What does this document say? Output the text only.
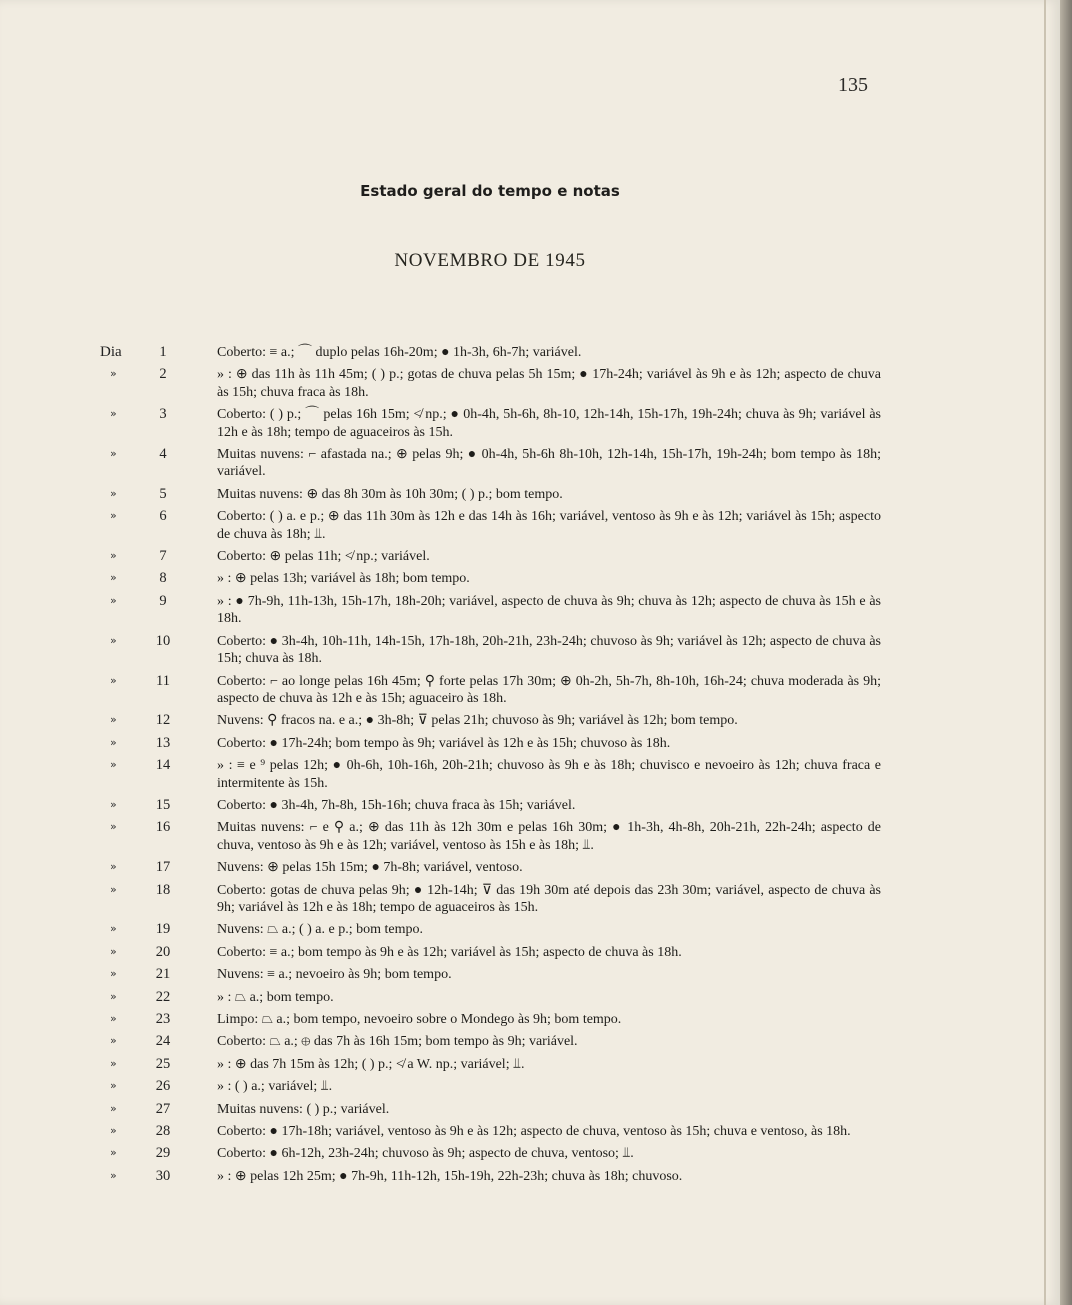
135
Estado geral do tempo e notas
NOVEMBRO DE 1945
Dia	1	Coberto: ≡ a.; ⌒ duplo pelas 16h-20m; ● 1h-3h, 6h-7h; variável.
»	2	» : ⊕ das 11h às 11h 45m; ( ) p.; gotas de chuva pelas 5h 15m; ● 17h-24h; variável às 9h e às 12h; aspecto de chuva às 15h; chuva fraca às 18h.
»	3	Coberto: ( ) p.; ⌒ pelas 16h 15m; ≮ np.; ● 0h-4h, 5h-6h, 8h-10, 12h-14h, 15h-17h, 19h-24h; chuva às 9h; variável às 12h e às 18h; tempo de aguaceiros às 15h.
»	4	Muitas nuvens: ⌐ afastada na.; ⊕ pelas 9h; ● 0h-4h, 5h-6h 8h-10h, 12h-14h, 15h-17h, 19h-24h; bom tempo às 18h; variável.
»	5	Muitas nuvens: ⊕ das 8h 30m às 10h 30m; ( ) p.; bom tempo.
»	6	Coberto: ( ) a. e p.; ⊕ das 11h 30m às 12h e das 14h às 16h; variável, ventoso às 9h e às 12h; variável às 15h; aspecto de chuva às 18h; ⫫.
»	7	Coberto: ⊕ pelas 11h; ≮ np.; variável.
»	8	» : ⊕ pelas 13h; variável às 18h; bom tempo.
»	9	» : ● 7h-9h, 11h-13h, 15h-17h, 18h-20h; variável, aspecto de chuva às 9h; chuva às 12h; aspecto de chuva às 15h e às 18h.
»	10	Coberto: ● 3h-4h, 10h-11h, 14h-15h, 17h-18h, 20h-21h, 23h-24h; chuvoso às 9h; variável às 12h; aspecto de chuva às 15h; chuva às 18h.
»	11	Coberto: ⌐ ao longe pelas 16h 45m; ⚲ forte pelas 17h 30m; ⊕ 0h-2h, 5h-7h, 8h-10h, 16h-24; chuva moderada às 9h; aspecto de chuva às 12h e às 15h; aguaceiro às 18h.
»	12	Nuvens: ⚲ fracos na. e a.; ● 3h-8h; ⊽ pelas 21h; chuvoso às 9h; variável às 12h; bom tempo.
»	13	Coberto: ● 17h-24h; bom tempo às 9h; variável às 12h e às 15h; chuvoso às 18h.
»	14	» : ≡ e ⁹ pelas 12h; ● 0h-6h, 10h-16h, 20h-21h; chuvoso às 9h e às 18h; chuvisco e nevoeiro às 12h; chuva fraca e intermitente às 15h.
»	15	Coberto: ● 3h-4h, 7h-8h, 15h-16h; chuva fraca às 15h; variável.
»	16	Muitas nuvens: ⌐ e ⚲ a.; ⊕ das 11h às 12h 30m e pelas 16h 30m; ● 1h-3h, 4h-8h, 20h-21h, 22h-24h; aspecto de chuva, ventoso às 9h e às 12h; variável, ventoso às 15h e às 18h; ⫫.
»	17	Nuvens: ⊕ pelas 15h 15m; ● 7h-8h; variável, ventoso.
»	18	Coberto: gotas de chuva pelas 9h; ● 12h-14h; ⊽ das 19h 30m até depois das 23h 30m; variável, aspecto de chuva às 9h; variável às 12h e às 18h; tempo de aguaceiros às 15h.
»	19	Nuvens: ⏢ a.; ( ) a. e p.; bom tempo.
»	20	Coberto: ≡ a.; bom tempo às 9h e às 12h; variável às 15h; aspecto de chuva às 18h.
»	21	Nuvens: ≡ a.; nevoeiro às 9h; bom tempo.
»	22	» : ⏢ a.; bom tempo.
»	23	Limpo: ⏢ a.; bom tempo, nevoeiro sobre o Mondego às 9h; bom tempo.
»	24	Coberto: ⏢ a.; ⊕ das 7h às 16h 15m; bom tempo às 9h; variável.
»	25	» : ⊕ das 7h 15m às 12h; ( ) p.; ≮ a W. np.; variável; ⫫.
»	26	» : ( ) a.; variável; ⫫.
»	27	Muitas nuvens: ( ) p.; variável.
»	28	Coberto: ● 17h-18h; variável, ventoso às 9h e às 12h; aspecto de chuva, ventoso às 15h; chuva e ventoso, às 18h.
»	29	Coberto: ● 6h-12h, 23h-24h; chuvoso às 9h; aspecto de chuva, ventoso; ⫫.
»	30	» : ⊕ pelas 12h 25m; ● 7h-9h, 11h-12h, 15h-19h, 22h-23h; chuva às 18h; chuvoso.
